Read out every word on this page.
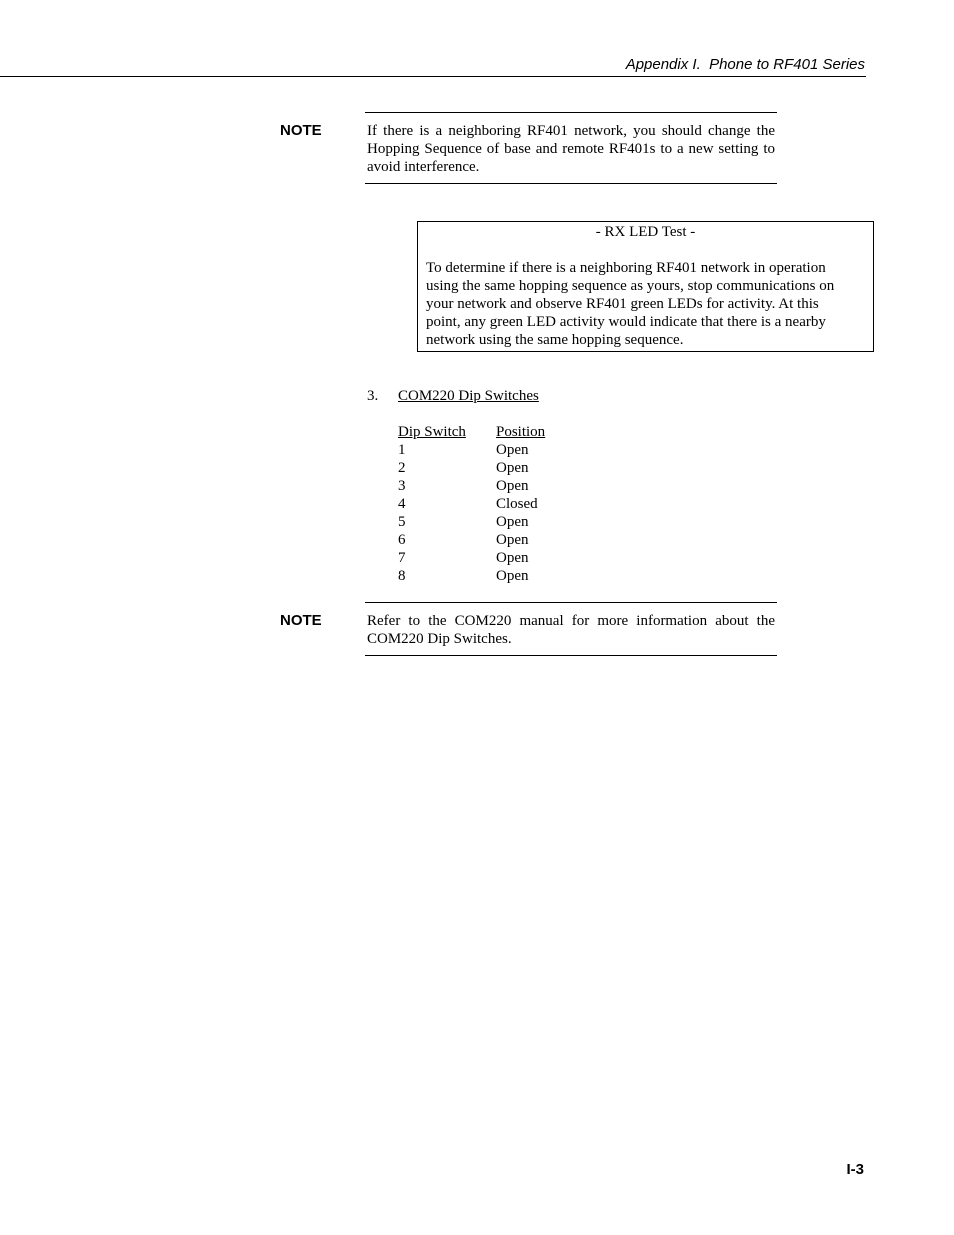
Appendix I.  Phone to RF401 Series
NOTE	If there is a neighboring RF401 network, you should change the Hopping Sequence of base and remote RF401s to a new setting to avoid interference.

- RX LED Test -
To determine if there is a neighboring RF401 network in operation
using the same hopping sequence as yours, stop communications on
your network and observe RF401 green LEDs for activity. At this
point, any green LED activity would indicate that there is a nearby
network using the same hopping sequence.
3. COM220 Dip Switches
Dip Switch	Position
1	Open
2	Open
3	Open
4	Closed
5	Open
6	Open
7	Open
8	Open
NOTE	Refer to the COM220 manual for more information about the COM220 Dip Switches.

I-3
